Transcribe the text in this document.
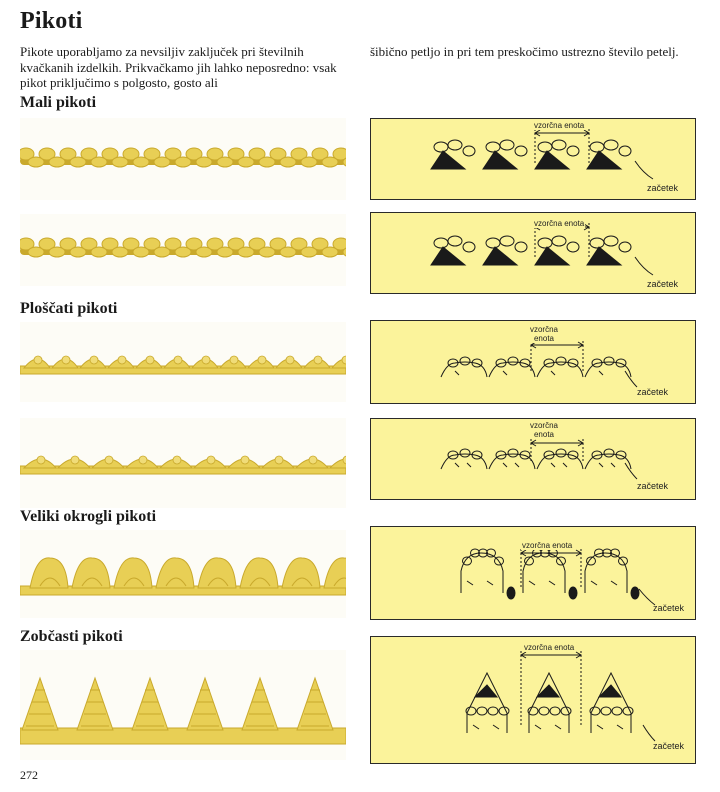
Pikoti
Pikote uporabljamo za nevsiljiv zaključek pri številnih kvačkanih izdelkih. Prikvačkamo jih lahko neposredno: vsak pikot priključimo s polgosto, gosto ali
šibično petljo in pri tem preskočimo ustrezno število petelj.
Mali pikoti
Ploščati pikoti
Veliki okrogli pikoti
Zobčasti pikoti
vzorčna enota
začetek
vzorčna enota
začetek
vzorčna enota
začetek
vzorčna enota
začetek
vzorčna enota
začetek
vzorčna enota
začetek
272
